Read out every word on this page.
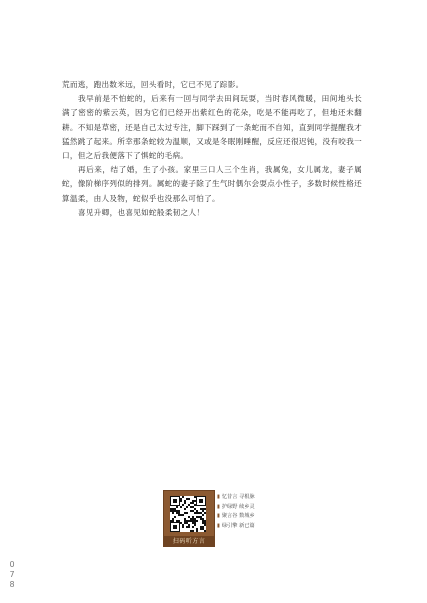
荒而逃，跑出数米远，回头看时，它已不见了踪影。

我早前是不怕蛇的，后来有一回与同学去田间玩耍，当时春风微暖，田间地头长满了密密的紫云英，因为它们已经开出紫红色的花朵，吃是不能再吃了，但地还未翻耕。不知是草密，还是自己太过专注，脚下踩到了一条蛇而不自知，直到同学提醒我才猛然跳了起来。所幸那条蛇较为温顺，又或是冬眠刚睡醒，反应还很迟钝，没有咬我一口，但之后我便落下了惧蛇的毛病。

再后来，结了婚，生了小孩。家里三口人三个生肖，我属兔，女儿属龙，妻子属蛇，像阶梯序列似的排列。属蛇的妻子除了生气时偶尔会耍点小性子，多数时候性格还算温柔，由人及物，蛇似乎也没那么可怕了。

喜见升卿，也喜见如蛇般柔韧之人！

扫码听方言
▮ 忆昔言 寻根脉
▮ 护绿野 续乡灵
▮ 聚言谷 数城乡
▮ 绿引擎 新已篇
0
7
8
